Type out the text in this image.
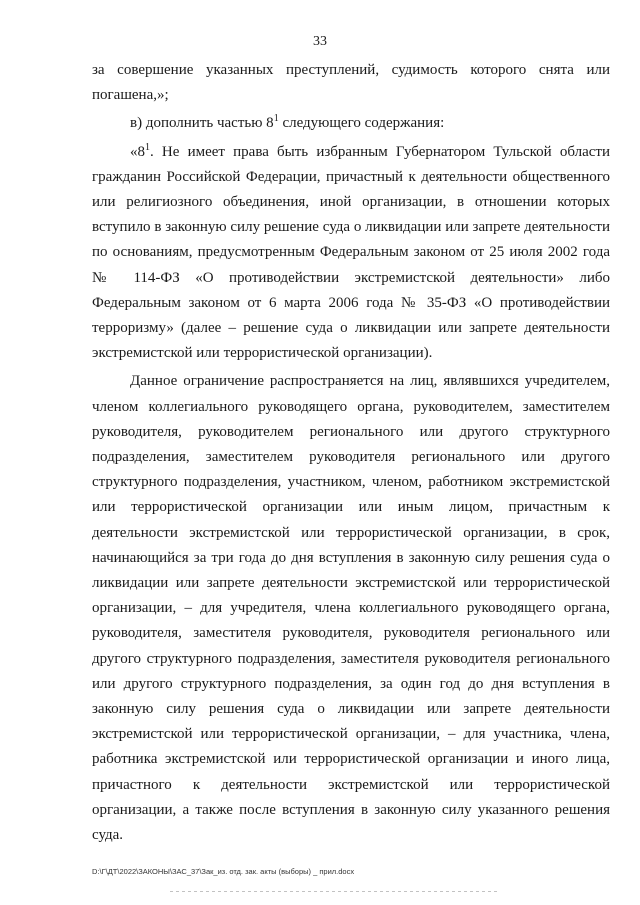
33

за совершение указанных преступлений, судимость которого снята или погашена,»;

в) дополнить частью $8^1$ следующего содержания:

«$8^1$. Не имеет права быть избранным Губернатором Тульской области гражданин Российской Федерации, причастный к деятельности общественного или религиозного объединения, иной организации, в отношении которых вступило в законную силу решение суда о ликвидации или запрете деятельности по основаниям, предусмотренным Федеральным законом от 25 июля 2002 года № 114-ФЗ «О противодействии экстремистской деятельности» либо Федеральным законом от 6 марта 2006 года № 35-ФЗ «О противодействии терроризму» (далее – решение суда о ликвидации или запрете деятельности экстремистской или террористической организации).

Данное ограничение распространяется на лиц, являвшихся учредителем, членом коллегиального руководящего органа, руководителем, заместителем руководителя, руководителем регионального или другого структурного подразделения, заместителем руководителя регионального или другого структурного подразделения, участником, членом, работником экстремистской или террористической организации или иным лицом, причастным к деятельности экстремистской или террористической организации, в срок, начинающийся за три года до дня вступления в законную силу решения суда о ликвидации или запрете деятельности экстремистской или террористической организации, – для учредителя, члена коллегиального руководящего органа, руководителя, заместителя руководителя, руководителя регионального или другого структурного подразделения, заместителя руководителя регионального или другого структурного подразделения, за один год до дня вступления в законную силу решения суда о ликвидации или запрете деятельности экстремистской или террористической организации, – для участника, члена, работника экстремистской или террористической организации и иного лица, причастного к деятельности экстремистской или террористической организации, а также после вступления в законную силу указанного решения суда.

D:\Г\ДТ\2022\ЗАКОНЫ\ЗАС_37\Зак_из. отд. зак. акты (выборы) _ прил.docx
